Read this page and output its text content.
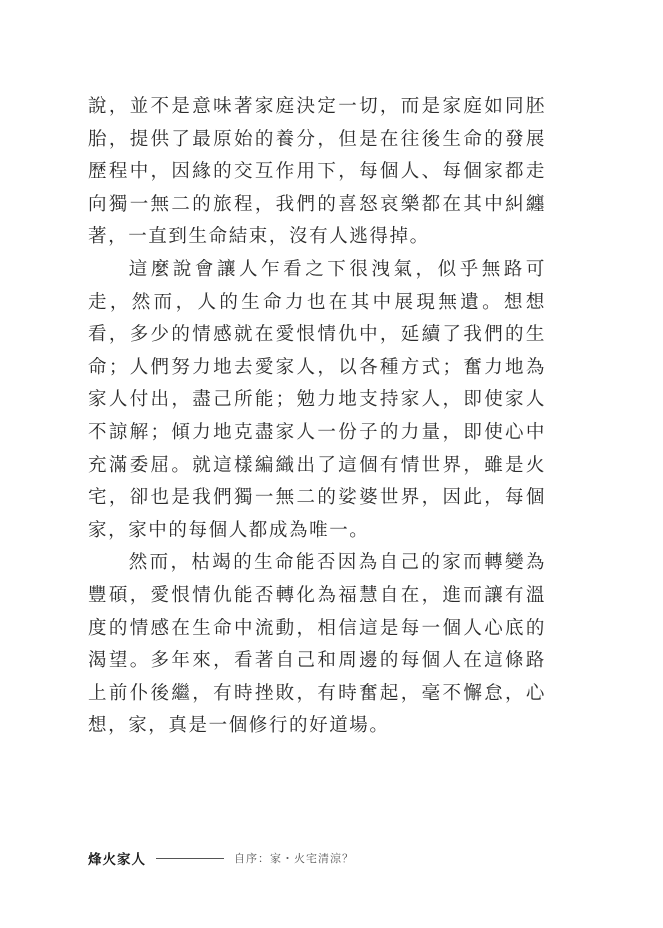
說，並不是意味著家庭決定一切，而是家庭如同胚胎，提供了最原始的養分，但是在往後生命的發展歷程中，因緣的交互作用下，每個人、每個家都走向獨一無二的旅程，我們的喜怒哀樂都在其中糾纏著，一直到生命結束，沒有人逃得掉。

這麼說會讓人乍看之下很洩氣，似乎無路可走，然而，人的生命力也在其中展現無遺。想想看，多少的情感就在愛恨情仇中，延續了我們的生命；人們努力地去愛家人，以各種方式；奮力地為家人付出，盡己所能；勉力地支持家人，即使家人不諒解；傾力地克盡家人一份子的力量，即使心中充滿委屈。就這樣編織出了這個有情世界，雖是火宅，卻也是我們獨一無二的娑婆世界，因此，每個家，家中的每個人都成為唯一。

然而，枯竭的生命能否因為自己的家而轉變為豐碩，愛恨情仇能否轉化為福慧自在，進而讓有溫度的情感在生命中流動，相信這是每一個人心底的渴望。多年來，看著自己和周邊的每個人在這條路上前仆後繼，有時挫敗，有時奮起，毫不懈怠，心想，家，真是一個修行的好道場。

烽火家人	自序：家・火宅清涼？
